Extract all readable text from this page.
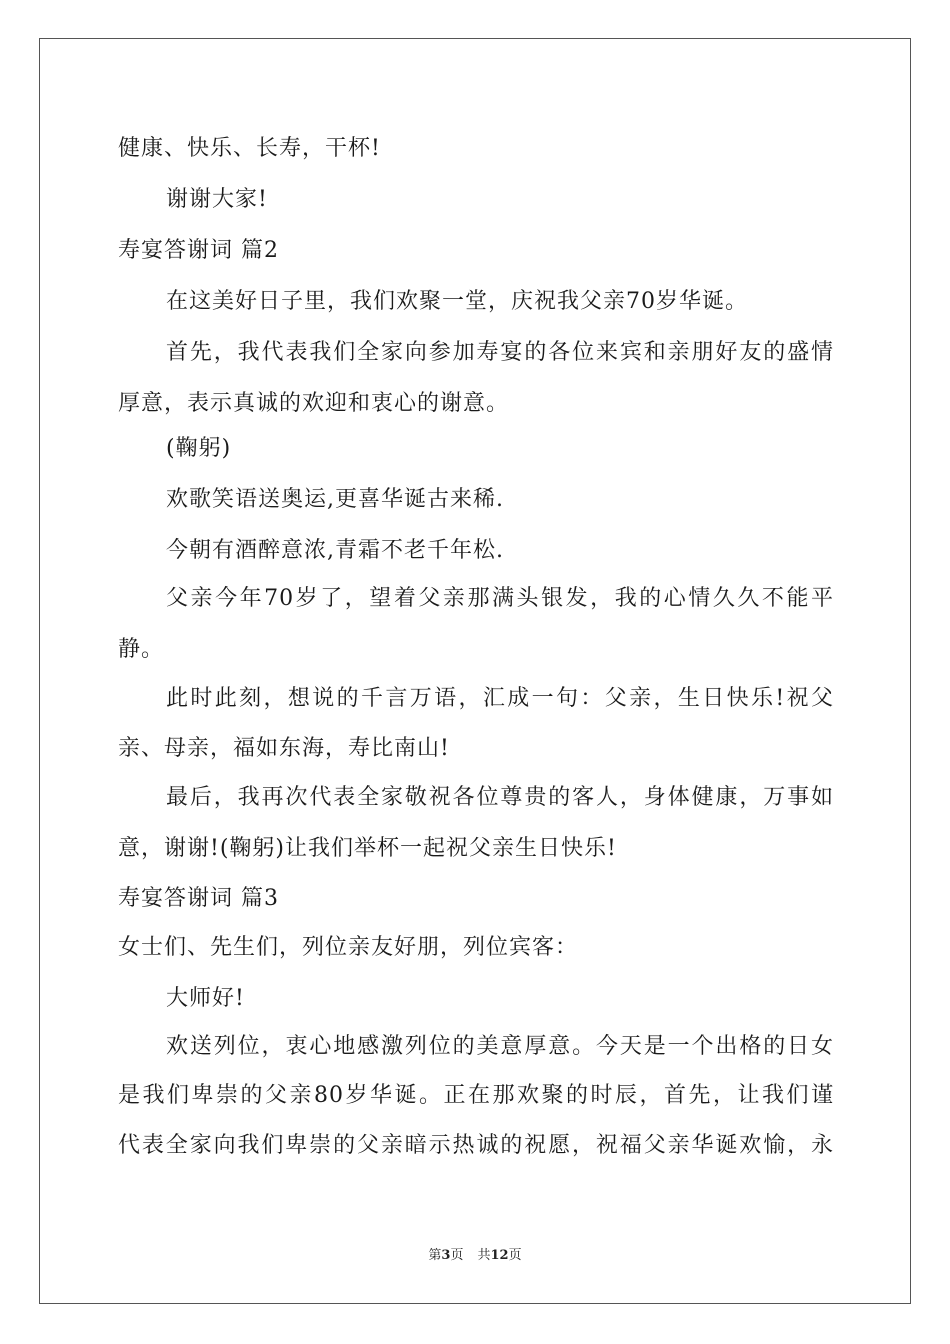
健康、快乐、长寿，干杯!
谢谢大家!
寿宴答谢词 篇2
在这美好日子里，我们欢聚一堂，庆祝我父亲70岁华诞。
首先，我代表我们全家向参加寿宴的各位来宾和亲朋好友的盛情
厚意，表示真诚的欢迎和衷心的谢意。
(鞠躬)
欢歌笑语送奥运,更喜华诞古来稀.
今朝有酒醉意浓,青霜不老千年松.
父亲今年70岁了，望着父亲那满头银发，我的心情久久不能平
静。
此时此刻，想说的千言万语，汇成一句：父亲，生日快乐!祝父
亲、母亲，福如东海，寿比南山!
最后，我再次代表全家敬祝各位尊贵的客人，身体健康，万事如
意，谢谢!(鞠躬)让我们举杯一起祝父亲生日快乐!
寿宴答谢词 篇3
女士们、先生们，列位亲友好朋，列位宾客：
大师好!
欢送列位，衷心地感激列位的美意厚意。今天是一个出格的日女
是我们卑崇的父亲80岁华诞。正在那欢聚的时辰，首先，让我们谨
代表全家向我们卑崇的父亲暗示热诚的祝愿，祝福父亲华诞欢愉，永
第3页 共12页
